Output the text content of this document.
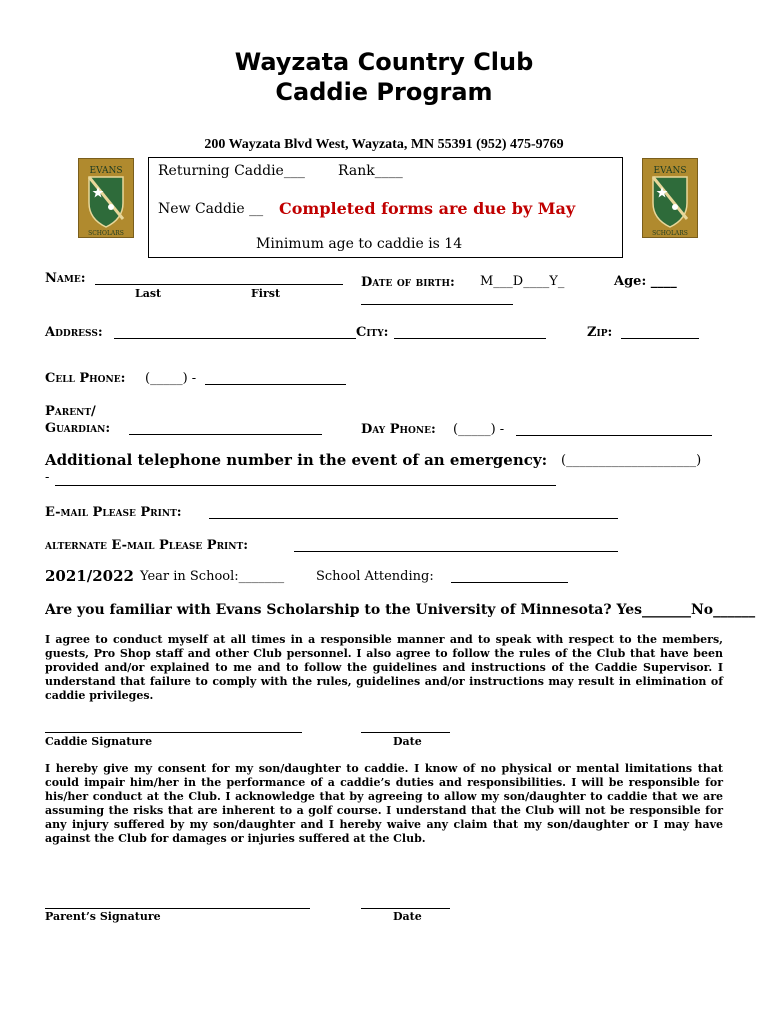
Wayzata Country Club
Caddie Program
200 Wayzata Blvd West, Wayzata, MN 55391 (952) 475-9769
EVANS
SCHOLARS
EVANS
SCHOLARS
Returning Caddie___ Rank____
New Caddie __ Completed forms are due by May
Minimum age to caddie is 14
Name:
Last	First
Date of birth: M___D____Y_	Age: ____
Address:	City:	Zip:
Cell Phone: (_____) -
Parent/
Guardian:	Day Phone: (_____) -
Additional telephone number in the event of an emergency: (____________________)
-
E-mail Please Print:
alternate E-mail Please Print:
2021/2022 Year in School:_______ School Attending:
Are you familiar with Evans Scholarship to the University of Minnesota? Yes_______No______
I agree to conduct myself at all times in a responsible manner and to speak with respect to the members, guests, Pro Shop staff and other Club personnel. I also agree to follow the rules of the Club that have been provided and/or explained to me and to follow the guidelines and instructions of the Caddie Supervisor. I understand that failure to comply with the rules, guidelines and/or instructions may result in elimination of caddie privileges.
Caddie Signature	Date
I hereby give my consent for my son/daughter to caddie. I know of no physical or mental limitations that could impair him/her in the performance of a caddie’s duties and responsibilities. I will be responsible for his/her conduct at the Club. I acknowledge that by agreeing to allow my son/daughter to caddie that we are assuming the risks that are inherent to a golf course. I understand that the Club will not be responsible for any injury suffered by my son/daughter and I hereby waive any claim that my son/daughter or I may have against the Club for damages or injuries suffered at the Club.
Parent’s Signature	Date
